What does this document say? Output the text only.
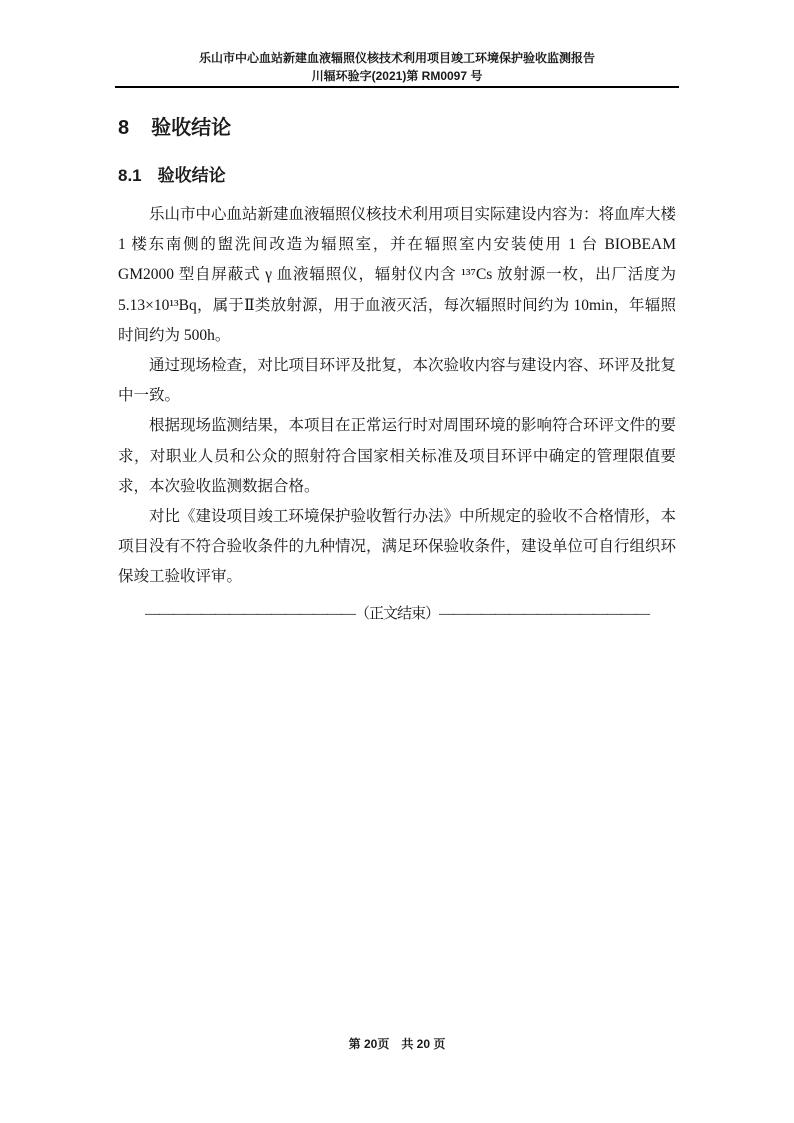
乐山市中心血站新建血液辐照仪核技术利用项目竣工环境保护验收监测报告
川辐环验字(2021)第 RM0097 号
8 验收结论
8.1 验收结论

乐山市中心血站新建血液辐照仪核技术利用项目实际建设内容为：将血库大楼 1 楼东南侧的盥洗间改造为辐照室，并在辐照室内安装使用 1 台 BIOBEAM GM2000 型自屏蔽式 γ 血液辐照仪，辐射仪内含 ¹³⁷Cs 放射源一枚，出厂活度为 5.13×10¹³Bq，属于Ⅱ类放射源，用于血液灭活，每次辐照时间约为 10min，年辐照时间约为 500h。

通过现场检查，对比项目环评及批复，本次验收内容与建设内容、环评及批复中一致。

根据现场监测结果，本项目在正常运行时对周围环境的影响符合环评文件的要求，对职业人员和公众的照射符合国家相关标准及项目环评中确定的管理限值要求，本次验收监测数据合格。

对比《建设项目竣工环境保护验收暂行办法》中所规定的验收不合格情形，本项目没有不符合验收条件的九种情况，满足环保验收条件，建设单位可自行组织环保竣工验收评审。

———————————————（正文结束）———————————————
第 20页　共 20 页
